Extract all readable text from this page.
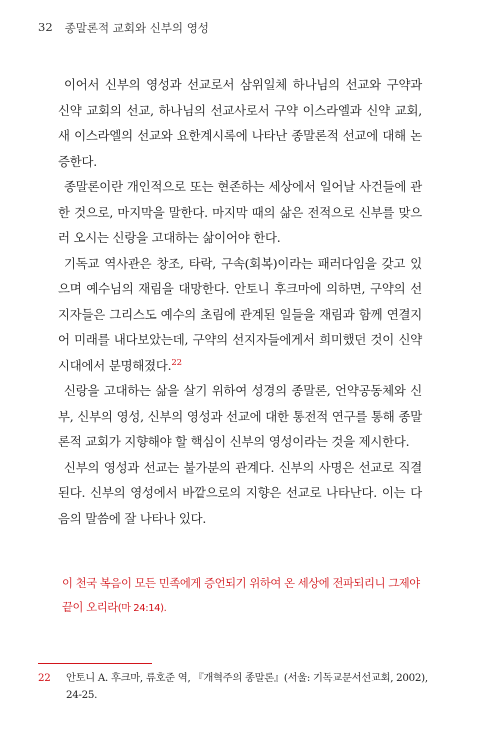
32 종말론적 교회와 신부의 영성

이어서 신부의 영성과 선교로서 삼위일체 하나님의 선교와 구약과 신약 교회의 선교, 하나님의 선교사로서 구약 이스라엘과 신약 교회, 새 이스라엘의 선교와 요한계시록에 나타난 종말론적 선교에 대해 논증한다.

종말론이란 개인적으로 또는 현존하는 세상에서 일어날 사건들에 관한 것으로, 마지막을 말한다. 마지막 때의 삶은 전적으로 신부를 맞으러 오시는 신랑을 고대하는 삶이어야 한다.

기독교 역사관은 창조, 타락, 구속(회복)이라는 패러다임을 갖고 있으며 예수님의 재림을 대망한다. 안토니 후크마에 의하면, 구약의 선지자들은 그리스도 예수의 초림에 관계된 일들을 재림과 함께 연결지어 미래를 내다보았는데, 구약의 선지자들에게서 희미했던 것이 신약 시대에서 분명해졌다.$^{22}$

신랑을 고대하는 삶을 살기 위하여 성경의 종말론, 언약공동체와 신부, 신부의 영성, 신부의 영성과 선교에 대한 통전적 연구를 통해 종말론적 교회가 지향해야 할 핵심이 신부의 영성이라는 것을 제시한다.

신부의 영성과 선교는 불가분의 관계다. 신부의 사명은 선교로 직결된다. 신부의 영성에서 바깥으로의 지향은 선교로 나타난다. 이는 다음의 말씀에 잘 나타나 있다.

이 천국 복음이 모든 민족에게 증언되기 위하여 온 세상에 전파되리니 그제야 끝이 오리라(마 24:14).

22 안토니 A. 후크마, 류호준 역, 『개혁주의 종말론』(서울: 기독교문서선교회, 2002), 24-25.
